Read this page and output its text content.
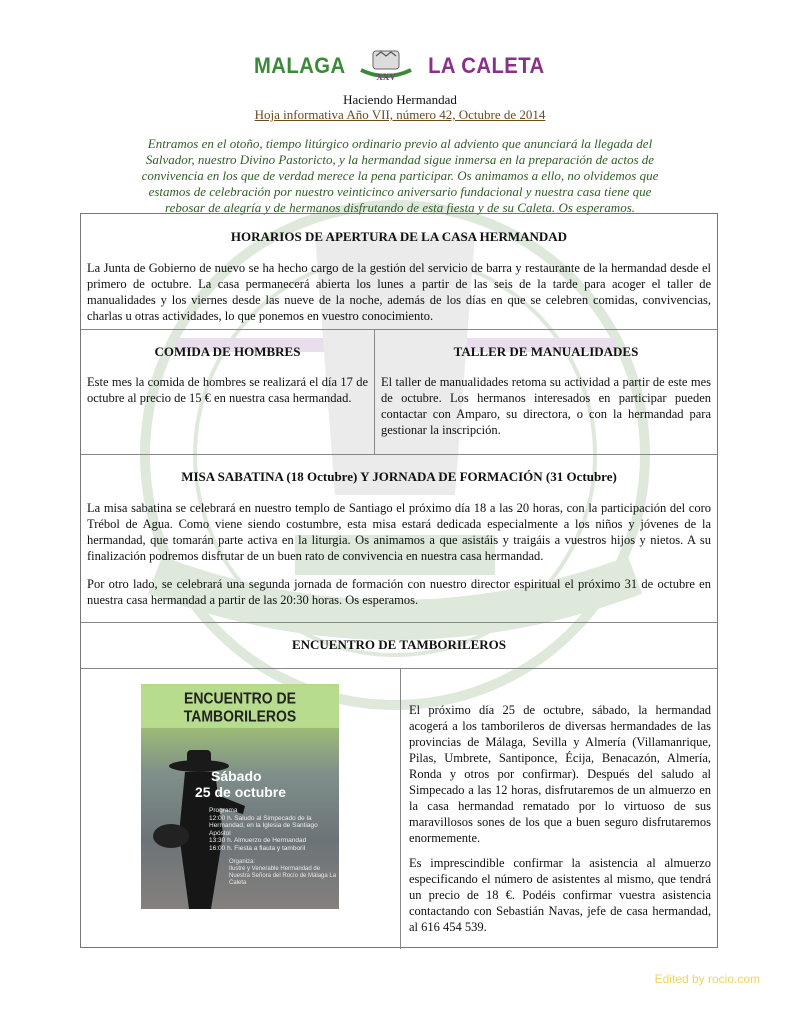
MALAGA	XXV LA CALETA
Haciendo Hermandad
Hoja informativa Año VII, número 42, Octubre de 2014

Entramos en el otoño, tiempo litúrgico ordinario previo al adviento que anunciará la llegada del Salvador, nuestro Divino Pastoricto, y la hermandad sigue inmersa en la preparación de actos de convivencia en los que de verdad merece la pena participar. Os animamos a ello, no olvidemos que estamos de celebración por nuestro veinticinco aniversario fundacional y nuestra casa tiene que rebosar de alegría y de hermanos disfrutando de esta fiesta y de su Caleta. Os esperamos.

HORARIOS DE APERTURA DE LA CASA HERMANDAD

La Junta de Gobierno de nuevo se ha hecho cargo de la gestión del servicio de barra y restaurante de la hermandad desde el primero de octubre. La casa permanecerá abierta los lunes a partir de las seis de la tarde para acoger el taller de manualidades y los viernes desde las nueve de la noche, además de los días en que se celebren comidas, convivencias, charlas u otras actividades, lo que ponemos en vuestro conocimiento.

COMIDA DE HOMBRES

Este mes la comida de hombres se realizará el día 17 de octubre al precio de 15 € en nuestra casa hermandad.

TALLER DE MANUALIDADES

El taller de manualidades retoma su actividad a partir de este mes de octubre. Los hermanos interesados en participar pueden contactar con Amparo, su directora, o con la hermandad para gestionar la inscripción.

MISA SABATINA (18 Octubre) Y JORNADA DE FORMACIÓN (31 Octubre)

La misa sabatina se celebrará en nuestro templo de Santiago el próximo día 18 a las 20 horas, con la participación del coro Trébol de Agua. Como viene siendo costumbre, esta misa estará dedicada especialmente a los niños y jóvenes de la hermandad, que tomarán parte activa en la liturgia. Os animamos a que asistáis y traigáis a vuestros hijos y nietos. A su finalización podremos disfrutar de un buen rato de convivencia en nuestra casa hermandad.

Por otro lado, se celebrará una segunda jornada de formación con nuestro director espiritual el próximo 31 de octubre en nuestra casa hermandad a partir de las 20:30 horas. Os esperamos.

ENCUENTRO DE TAMBORILEROS
ENCUENTRO DE TAMBORILEROS
Sábado
25 de octubre
Programa
12:00 h. Saludo al Simpecado de la Hermandad, en la Iglesia de Santiago Apóstol
13:30 h. Almuerzo de Hermandad
16:00 h. Fiesta a flauta y tamboril
Organiza:
Ilustre y Venerable Hermandad de Nuestra Señora del Rocío de Málaga La Caleta

El próximo día 25 de octubre, sábado, la hermandad acogerá a los tamborileros de diversas hermandades de las provincias de Málaga, Sevilla y Almería (Villamanrique, Pilas, Umbrete, Santiponce, Écija, Benacazón, Almería, Ronda y otros por confirmar). Después del saludo al Simpecado a las 12 horas, disfrutaremos de un almuerzo en la casa hermandad rematado por lo virtuoso de sus maravillosos sones de los que a buen seguro disfrutaremos enormemente.

Es imprescindible confirmar la asistencia al almuerzo especificando el número de asistentes al mismo, que tendrá un precio de 18 €. Podéis confirmar vuestra asistencia contactando con Sebastián Navas, jefe de casa hermandad, al 616 454 539.

Edited by rocio.com
